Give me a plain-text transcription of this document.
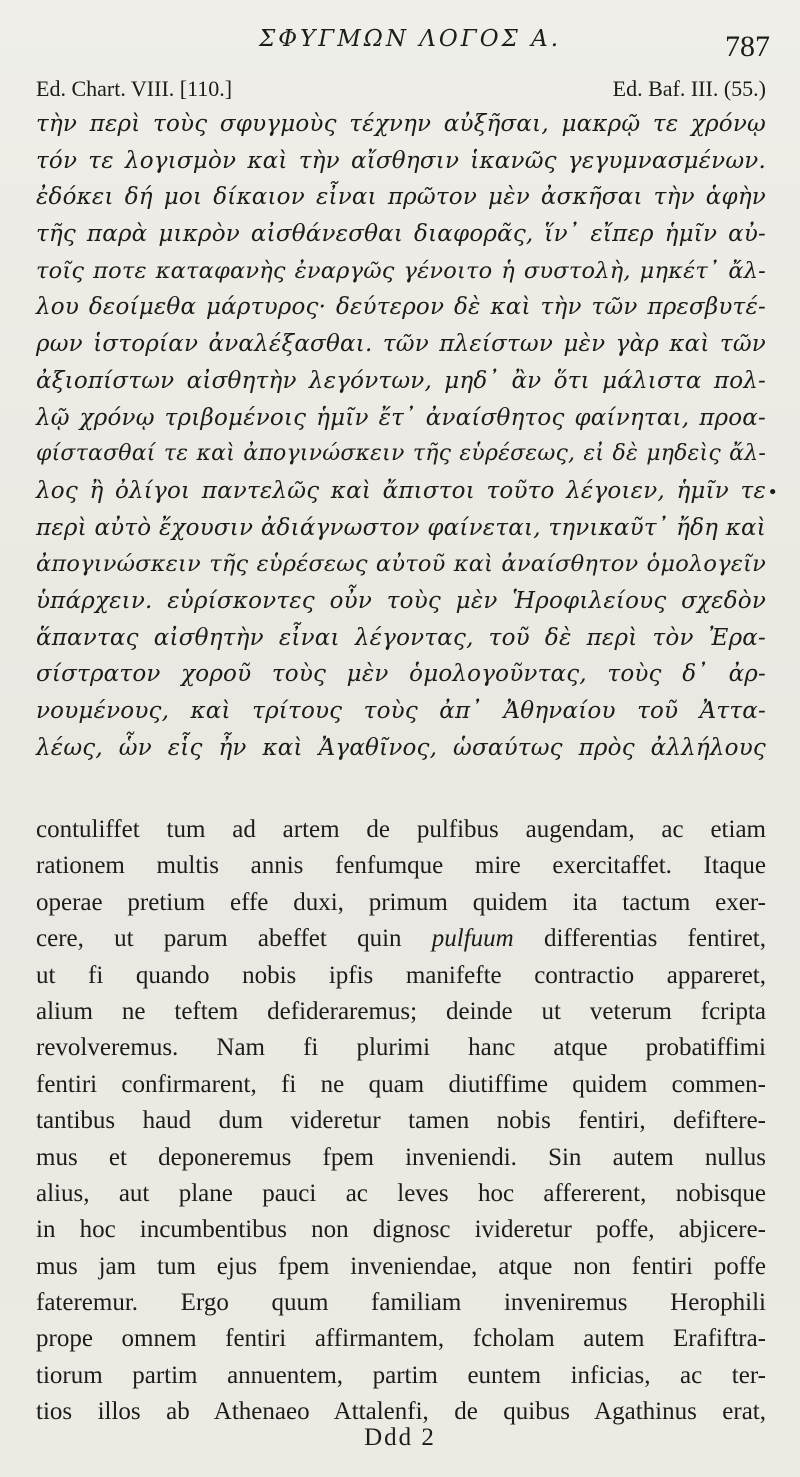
ΣΦΥΓΜΩΝ ΛΟΓΟΣ Α.	787
Ed. Chart. VIII. [110.]	Ed. Baf. III. (55.)
τὴν περὶ τοὺς σφυγμοὺς τέχνην αὐξῆσαι, μακρῷ τε χρόνῳ
τόν τε λογισμὸν καὶ τὴν αἴσθησιν ἱκανῶς γεγυμνασμένων.
ἐδόκει δή μοι δίκαιον εἶναι πρῶτον μὲν ἀσκῆσαι τὴν ἁφὴν
τῆς παρὰ μικρὸν αἰσθάνεσθαι διαφορᾶς, ἵν᾽ εἴπερ ἡμῖν αὐ-
τοῖς ποτε καταφανὴς ἐναργῶς γένοιτο ἡ συστολὴ, μηκέτ᾽ ἄλ-
λου δεοίμεθα μάρτυρος· δεύτερον δὲ καὶ τὴν τῶν πρεσβυτέ-
ρων ἱστορίαν ἀναλέξασθαι. τῶν πλείστων μὲν γὰρ καὶ τῶν
ἀξιοπίστων αἰσθητὴν λεγόντων, μηδ᾽ ἂν ὅτι μάλιστα πολ-
λῷ χρόνῳ τριβομένοις ἡμῖν ἔτ᾽ ἀναίσθητος φαίνηται, προα-
φίστασθαί τε καὶ ἀπογινώσκειν τῆς εὑρέσεως, εἰ δὲ μηδεὶς ἄλ-
λος ἢ ὀλίγοι παντελῶς καὶ ἄπιστοι τοῦτο λέγοιεν, ἡμῖν τε
περὶ αὐτὸ ἔχουσιν ἀδιάγνωστον φαίνεται, τηνικαῦτ᾽ ἤδη καὶ
ἀπογινώσκειν τῆς εὑρέσεως αὐτοῦ καὶ ἀναίσθητον ὁμολογεῖν
ὑπάρχειν. εὑρίσκοντες οὖν τοὺς μὲν Ἡροφιλείους σχεδὸν
ἅπαντας αἰσθητὴν εἶναι λέγοντας, τοῦ δὲ περὶ τὸν Ἐρα-
σίστρατον χοροῦ τοὺς μὲν ὁμολογοῦντας, τοὺς δ᾽ ἀρ-
νουμένους, καὶ τρίτους τοὺς ἀπ᾽ Ἀθηναίου τοῦ Ἀττα-
λέως, ὧν εἷς ἦν καὶ Ἀγαθῖνος, ὡσαύτως πρὸς ἀλλήλους
•
contuliffet tum ad artem de pulfibus augendam, ac etiam
rationem multis annis fenfumque mire exercitaffet. Itaque
operae pretium effe duxi, primum quidem ita tactum exer-
cere, ut parum abeffet quin pulfuum differentias fentiret,
ut fi quando nobis ipfis manifefte contractio appareret,
alium ne teftem defideraremus; deinde ut veterum fcripta
revolveremus. Nam fi plurimi hanc atque probatiffimi
fentiri confirmarent, fi ne quam diutiffime quidem commen-
tantibus haud dum videretur tamen nobis fentiri, defiftere-
mus et deponeremus fpem inveniendi. Sin autem nullus
alius, aut plane pauci ac leves hoc affererent, nobisque
in hoc incumbentibus non dignosc ivideretur poffe, abjicere-
mus jam tum ejus fpem inveniendae, atque non fentiri poffe
fateremur. Ergo quum familiam inveniremus Herophili
prope omnem fentiri affirmantem, fcholam autem Erafiftra-
tiorum partim annuentem, partim euntem inficias, ac ter-
tios illos ab Athenaeo Attalenfi, de quibus Agathinus erat,
Ddd 2
